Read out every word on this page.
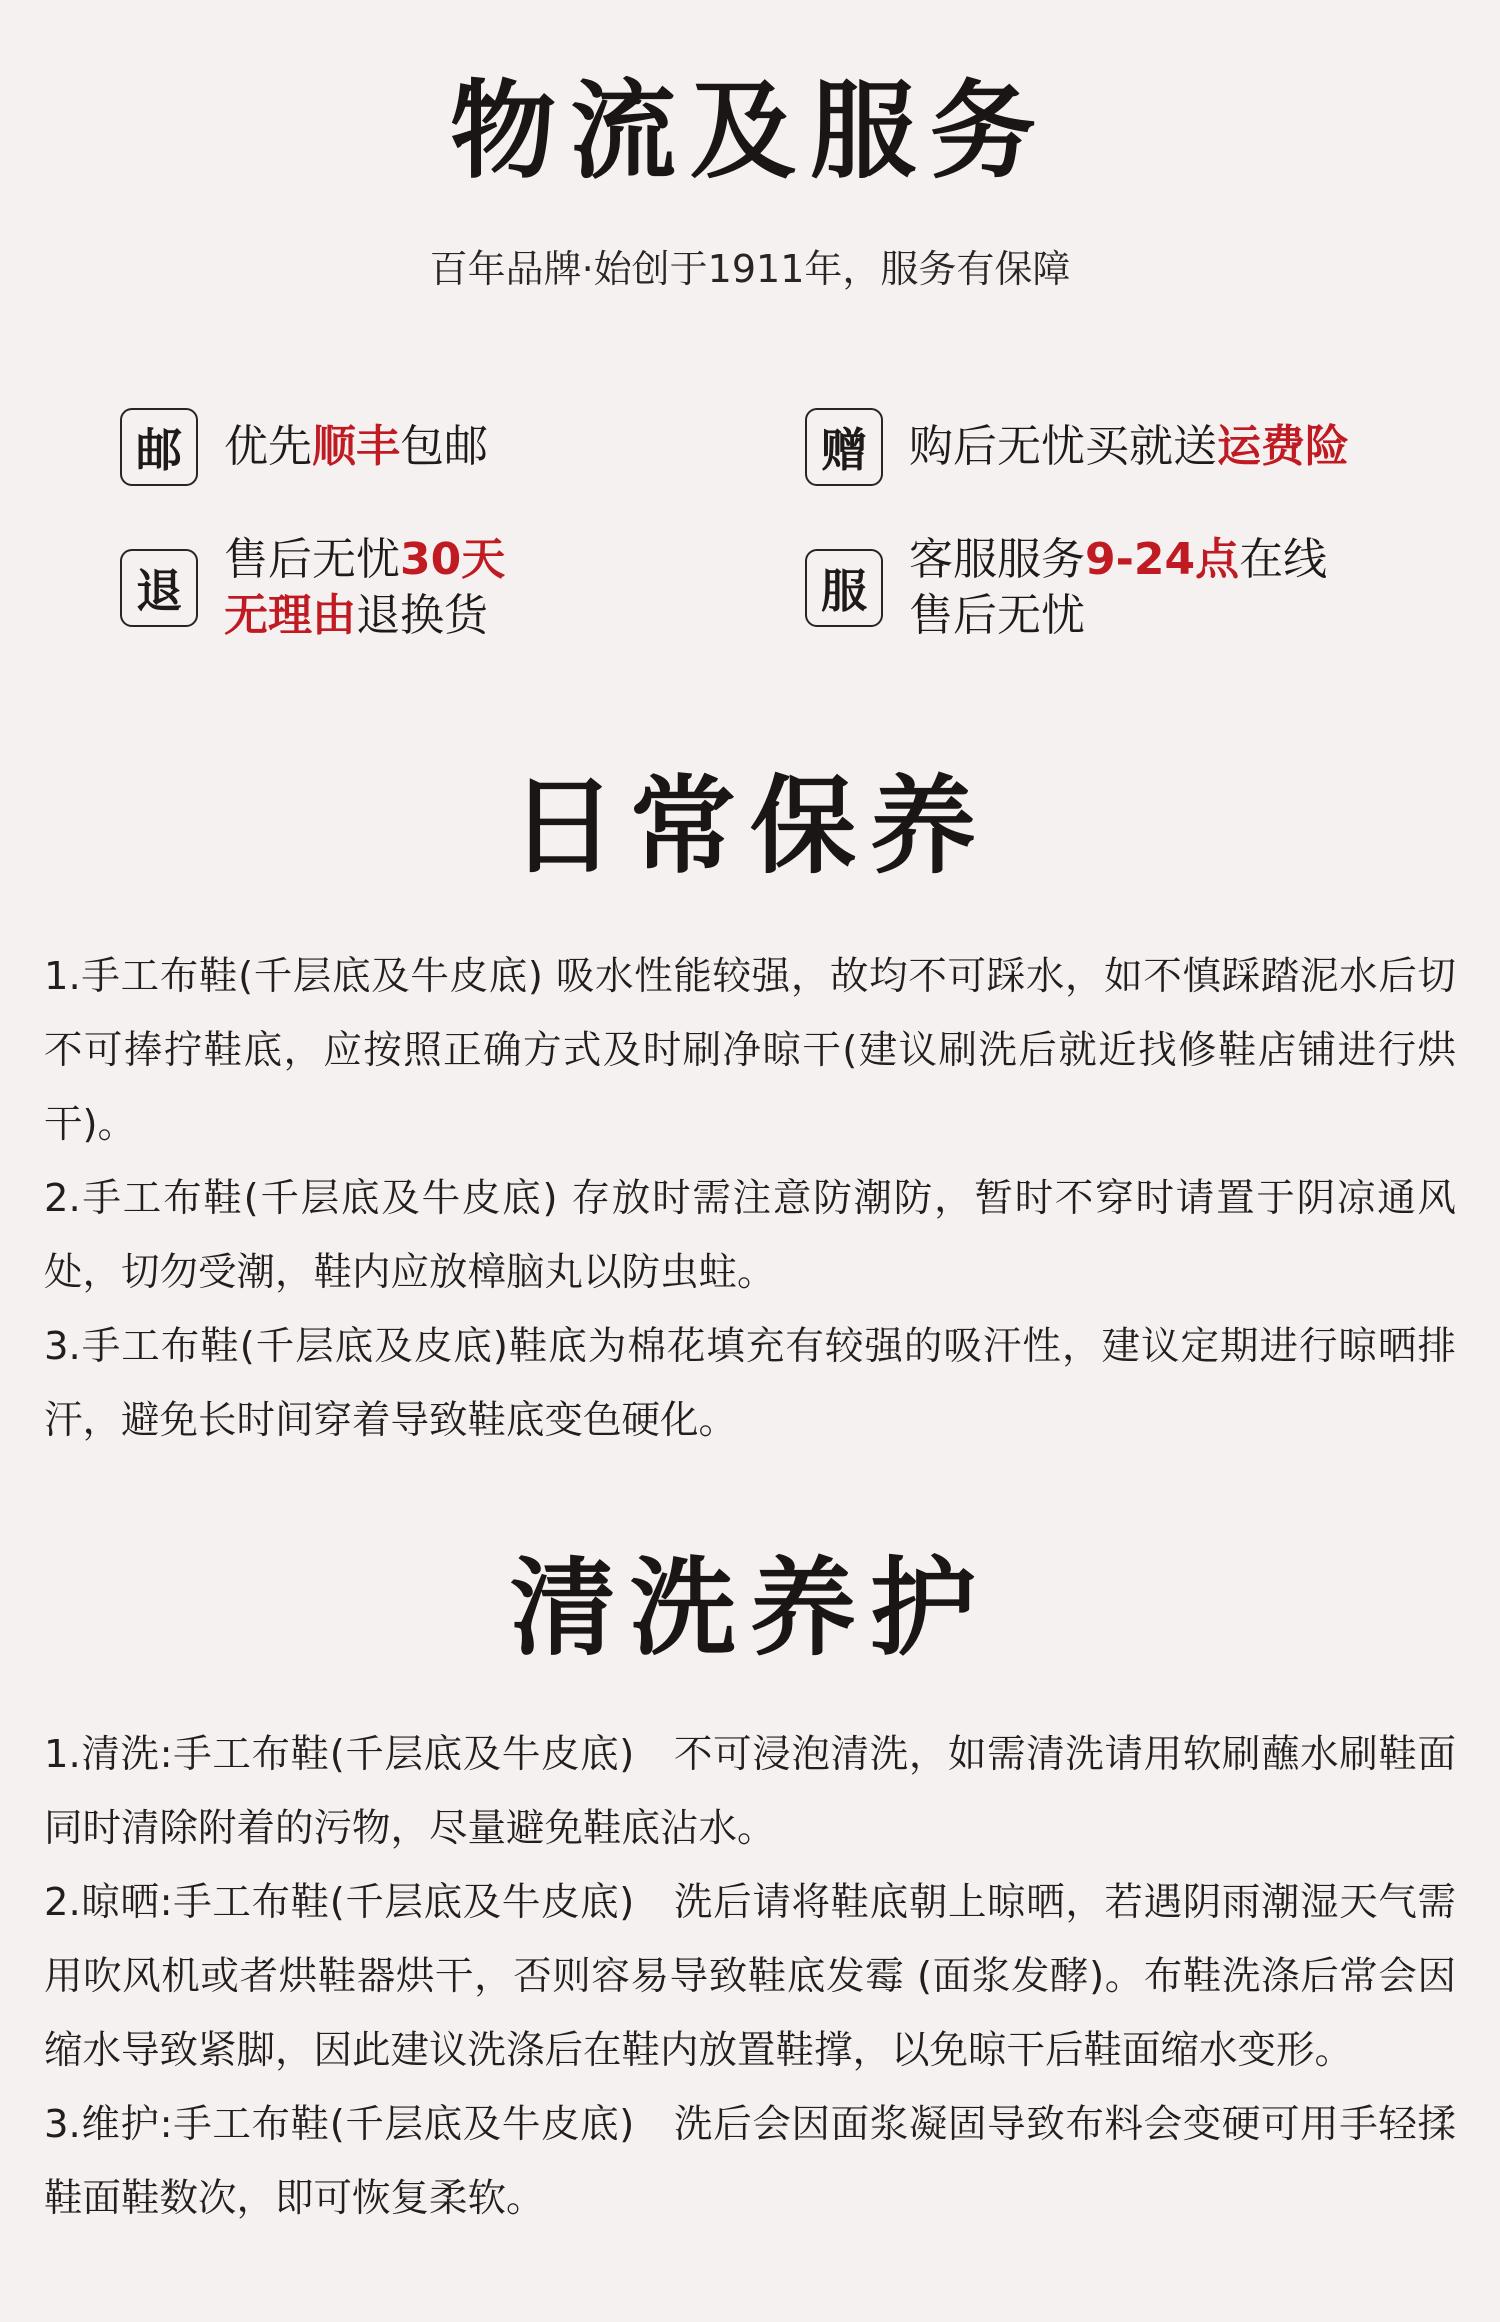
物流及服务
百年品牌·始创于1911年，服务有保障
邮 优先顺丰包邮	赠 购后无忧买就送运费险
退
售后无忧30天
无理由退换货	服
客服服务9-24点在线
售后无忧
日常保养

1.手工布鞋(千层底及牛皮底) 吸水性能较强，故均不可踩水，如不慎踩踏泥水后切不可捧拧鞋底，应按照正确方式及时刷净晾干(建议刷洗后就近找修鞋店铺进行烘干)。

2.手工布鞋(千层底及牛皮底) 存放时需注意防潮防，暂时不穿时请置于阴凉通风处，切勿受潮，鞋内应放樟脑丸以防虫蛀。

3.手工布鞋(千层底及皮底)鞋底为棉花填充有较强的吸汗性，建议定期进行晾晒排汗，避免长时间穿着导致鞋底变色硬化。

清洗养护

1.清洗:手工布鞋(千层底及牛皮底)　不可浸泡清洗，如需清洗请用软刷蘸水刷鞋面同时清除附着的污物，尽量避免鞋底沾水。

2.晾晒:手工布鞋(千层底及牛皮底)　洗后请将鞋底朝上晾晒，若遇阴雨潮湿天气需用吹风机或者烘鞋器烘干，否则容易导致鞋底发霉 (面浆发酵)。布鞋洗涤后常会因缩水导致紧脚，因此建议洗涤后在鞋内放置鞋撑，以免晾干后鞋面缩水变形。

3.维护:手工布鞋(千层底及牛皮底)　洗后会因面浆凝固导致布料会变硬可用手轻揉鞋面鞋数次，即可恢复柔软。
